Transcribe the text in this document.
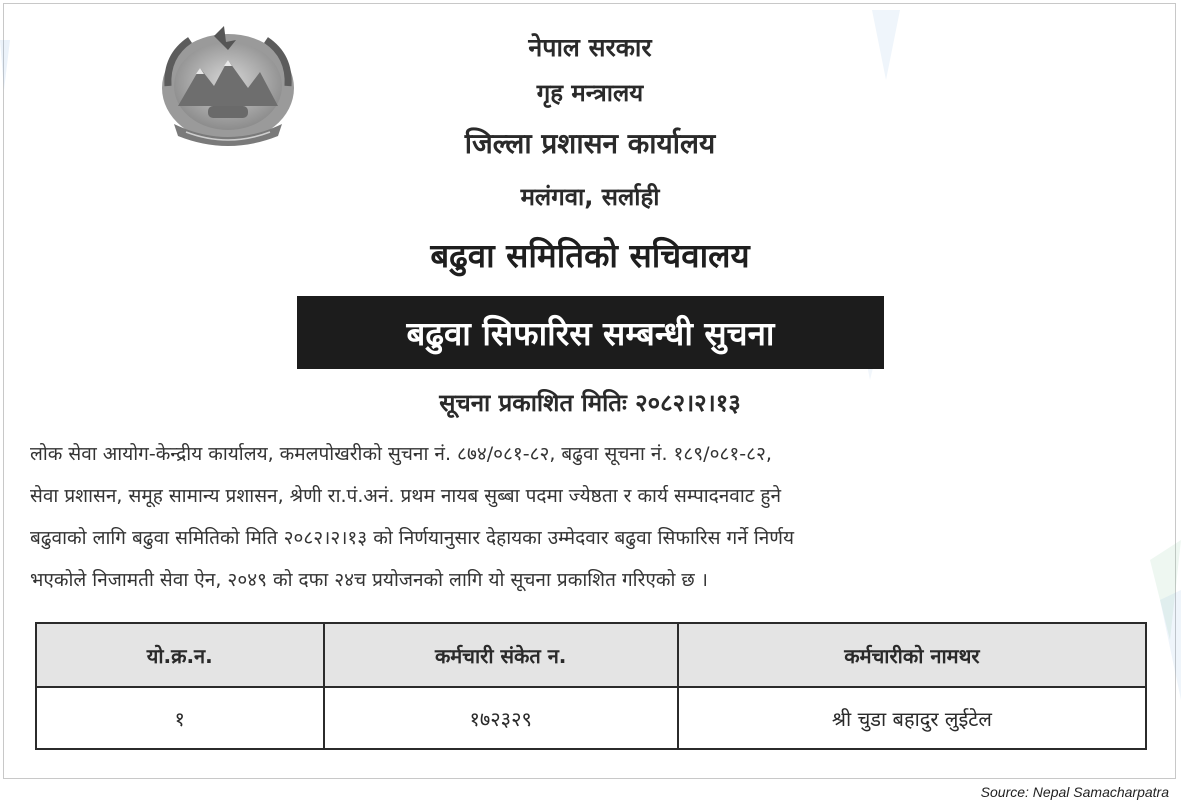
नेपाल सरकार
गृह मन्त्रालय
जिल्ला प्रशासन कार्यालय
मलंगवा, सर्लाही
बढुवा समितिको सचिवालय
बढुवा सिफारिस सम्बन्धी सुचना
सूचना प्रकाशित मितिः २०८२।२।१३
लोक सेवा आयोग-केन्द्रीय कार्यालय, कमलपोखरीको सुचना नं. ८७४/०८१-८२, बढुवा सूचना नं. १८९/०८१-८२,
सेवा प्रशासन, समूह सामान्य प्रशासन, श्रेणी रा.पं.अनं. प्रथम नायब सुब्बा पदमा ज्येष्ठता र कार्य सम्पादनवाट हुने
बढुवाको लागि बढुवा समितिको मिति २०८२।२।१३ को निर्णयानुसार देहायका उम्मेदवार बढुवा सिफारिस गर्ने निर्णय
भएकोले निजामती सेवा ऐन, २०४९ को दफा २४च प्रयोजनको लागि यो सूचना प्रकाशित गरिएको छ ।
यो.क्र.न.	कर्मचारी संकेत न.	कर्मचारीको नामथर
१	१७२३२९	श्री चुडा बहादुर लुईटेल
Source: Nepal Samacharpatra
